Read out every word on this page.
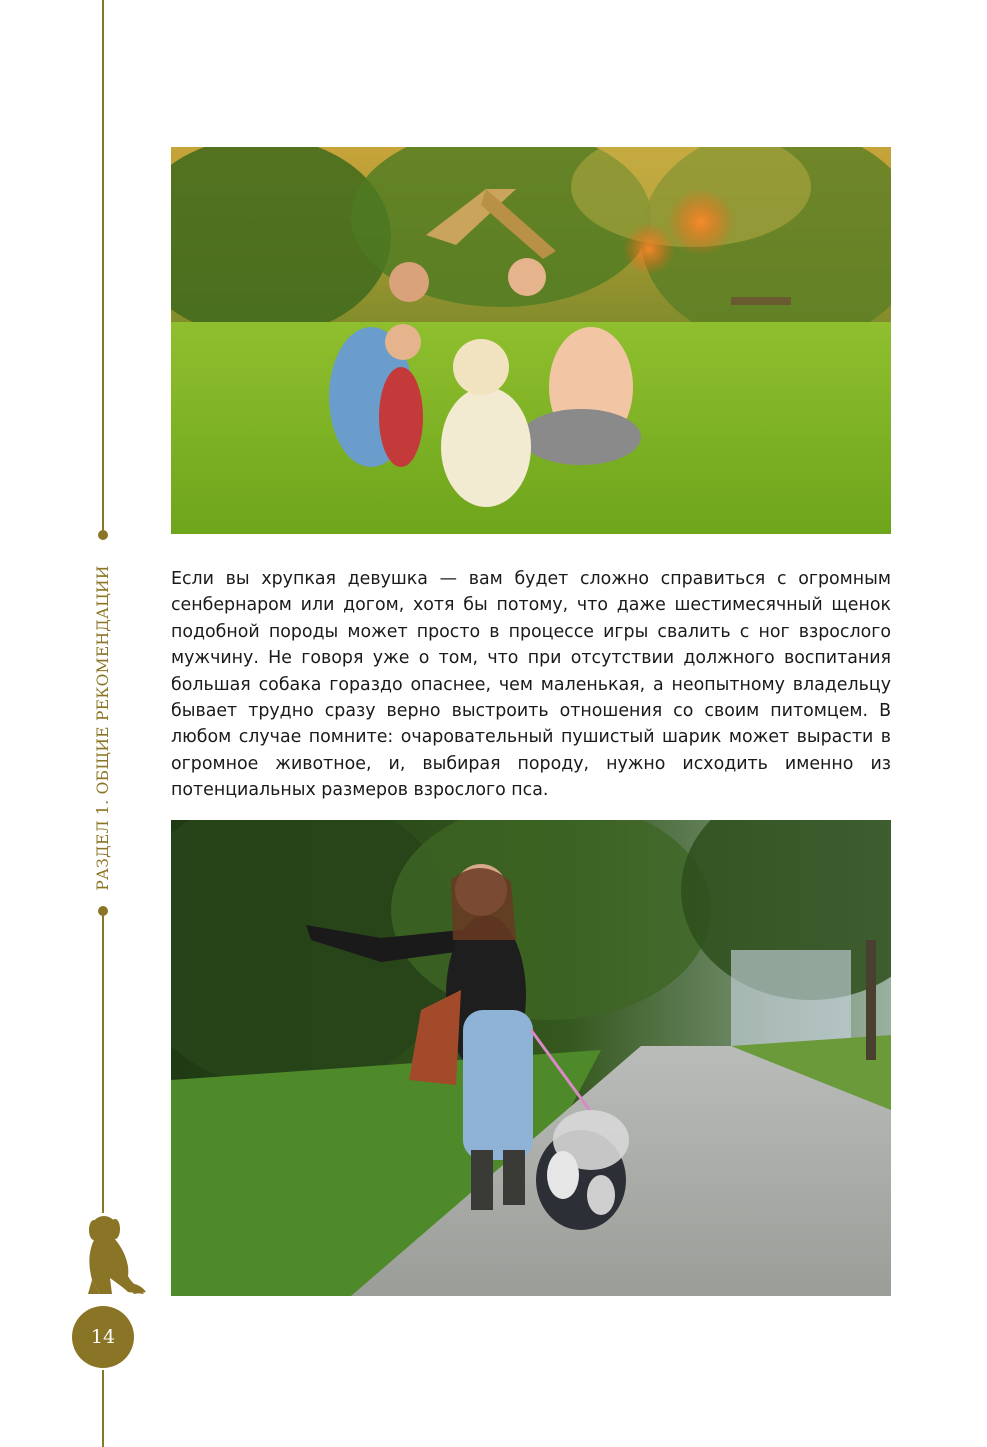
РАЗДЕЛ 1. ОБЩИЕ РЕКОМЕНДАЦИИ
14

Если вы хрупкая девушка — вам будет сложно справиться с огромным сенбернаром или догом, хотя бы потому, что даже шестимесячный щенок подобной породы может просто в процессе игры свалить с ног взрослого мужчину. Не говоря уже о том, что при отсутствии должного воспитания большая собака гораздо опаснее, чем маленькая, а неопытному владельцу бывает трудно сразу верно выстроить отношения со своим питомцем. В любом случае помните: очаровательный пушистый шарик может вырасти в огромное животное, и, выбирая породу, нужно исходить именно из потенциальных размеров взрослого пса.
